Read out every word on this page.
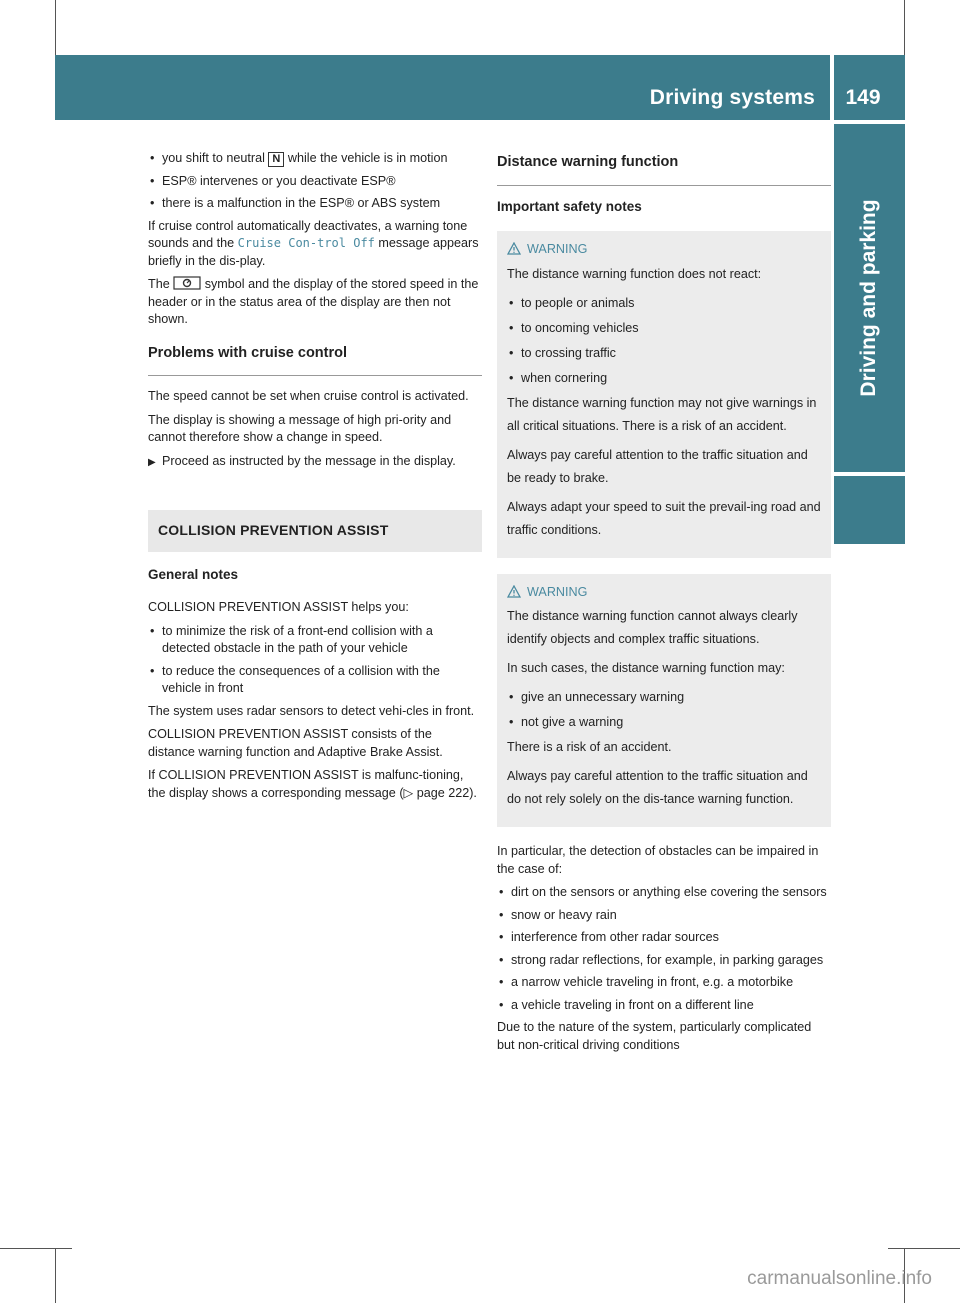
Driving systems	149
Driving and parking
• you shift to neutral N while the vehicle is in motion
• ESP® intervenes or you deactivate ESP®
• there is a malfunction in the ESP® or ABS system

If cruise control automatically deactivates, a warning tone sounds and the Cruise Con-trol Off message appears briefly in the dis-play.

The  symbol and the display of the stored speed in the header or in the status area of the display are then not shown.

Problems with cruise control

The speed cannot be set when cruise control is activated.

The display is showing a message of high pri-ority and cannot therefore show a change in speed.

▶ Proceed as instructed by the message in the display.
COLLISION PREVENTION ASSIST
General notes

COLLISION PREVENTION ASSIST helps you:

• to minimize the risk of a front-end collision with a detected obstacle in the path of your vehicle
• to reduce the consequences of a collision with the vehicle in front

The system uses radar sensors to detect vehi-cles in front.

COLLISION PREVENTION ASSIST consists of the distance warning function and Adaptive Brake Assist.

If COLLISION PREVENTION ASSIST is malfunc-tioning, the display shows a corresponding message (▷ page 222).

Distance warning function
Important safety notes
WARNING

The distance warning function does not react:

• to people or animals
• to oncoming vehicles
• to crossing traffic
• when cornering

The distance warning function may not give warnings in all critical situations. There is a risk of an accident.

Always pay careful attention to the traffic situation and be ready to brake.

Always adapt your speed to suit the prevail-ing road and traffic conditions.

WARNING

The distance warning function cannot always clearly identify objects and complex traffic situations.

In such cases, the distance warning function may:

• give an unnecessary warning
• not give a warning

There is a risk of an accident.

Always pay careful attention to the traffic situation and do not rely solely on the dis-tance warning function.

In particular, the detection of obstacles can be impaired in the case of:

• dirt on the sensors or anything else covering the sensors
• snow or heavy rain
• interference from other radar sources
• strong radar reflections, for example, in parking garages
• a narrow vehicle traveling in front, e.g. a motorbike
• a vehicle traveling in front on a different line

Due to the nature of the system, particularly complicated but non-critical driving conditions

carmanualsonline.info
